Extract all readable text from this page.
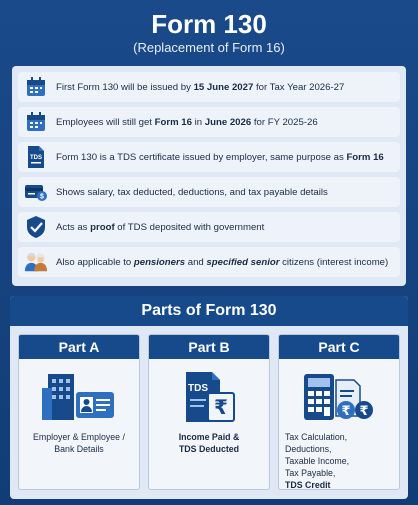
Form 130
(Replacement of Form 16)
First Form 130 will be issued by 15 June 2027 for Tax Year 2026-27
Employees will still get Form 16 in June 2026 for FY 2025-26
TDS Form 130 is a TDS certificate issued by employer, same purpose as Form 16
$ Shows salary, tax deducted, deductions, and tax payable details
Acts as proof of TDS deposited with government
Also applicable to pensioners and specified senior citizens (interest income)
Parts of Form 130
Part A
Employer & Employee /
Bank Details
Part B
TDS
₹
Income Paid &
TDS Deducted
Part C
₹ ₹
Tax Calculation,
Deductions,
Taxable Income,
Tax Payable,
TDS Credit
